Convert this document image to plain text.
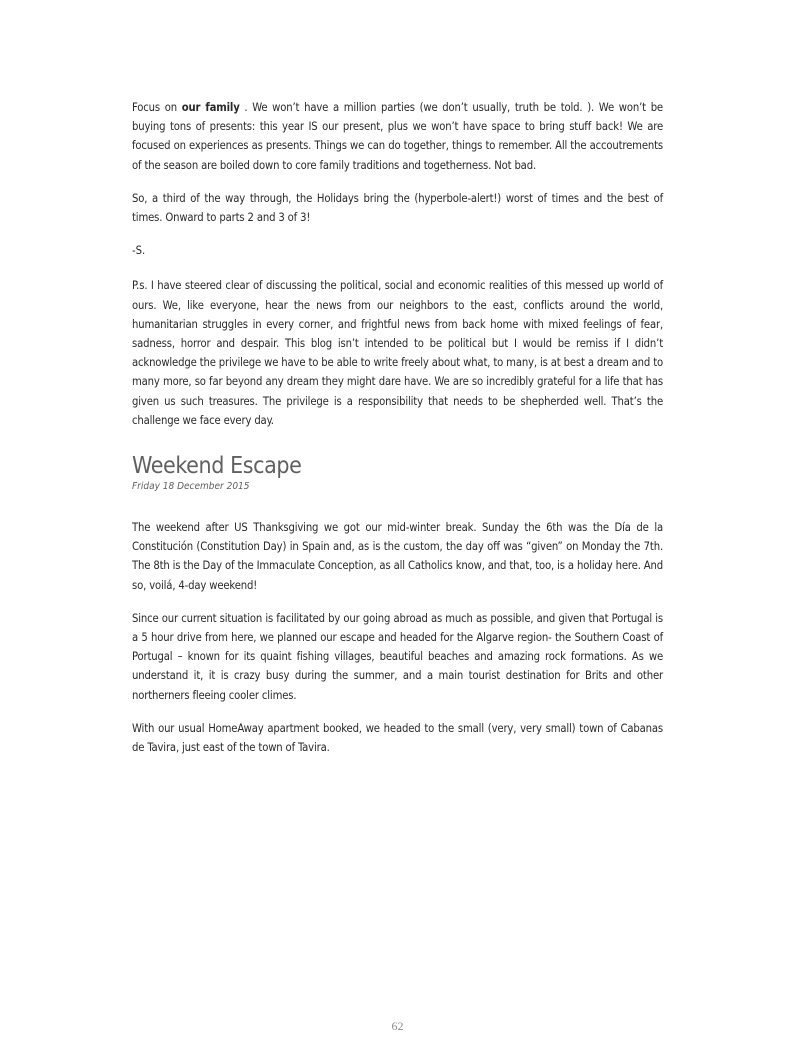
Focus on our family . We won’t have a million parties (we don’t usually, truth be told. ). We won’t be buying tons of presents: this year IS our present, plus we won’t have space to bring stuff back! We are focused on experiences as presents. Things we can do together, things to remember. All the accoutrements of the season are boiled down to core family traditions and togetherness. Not bad.

So, a third of the way through, the Holidays bring the (hyperbole-alert!) worst of times and the best of times. Onward to parts 2 and 3 of 3!

-S.

P.s. I have steered clear of discussing the political, social and economic realities of this messed up world of ours. We, like everyone, hear the news from our neighbors to the east, conflicts around the world, humanitarian struggles in every corner, and frightful news from back home with mixed feelings of fear, sadness, horror and despair. This blog isn’t intended to be political but I would be remiss if I didn’t acknowledge the privilege we have to be able to write freely about what, to many, is at best a dream and to many more, so far beyond any dream they might dare have. We are so incredibly grateful for a life that has given us such treasures. The privilege is a responsibility that needs to be shepherded well. That’s the challenge we face every day.

Weekend Escape
Friday 18 December 2015

The weekend after US Thanksgiving we got our mid-winter break. Sunday the 6th was the Día de la Constitución (Constitution Day) in Spain and, as is the custom, the day off was “given” on Monday the 7th. The 8th is the Day of the Immaculate Conception, as all Catholics know, and that, too, is a holiday here. And so, voilá, 4-day weekend!

Since our current situation is facilitated by our going abroad as much as possible, and given that Portugal is a 5 hour drive from here, we planned our escape and headed for the Algarve region- the Southern Coast of Portugal – known for its quaint fishing villages, beautiful beaches and amazing rock formations. As we understand it, it is crazy busy during the summer, and a main tourist destination for Brits and other northerners fleeing cooler climes.

With our usual HomeAway apartment booked, we headed to the small (very, very small) town of Cabanas de Tavira, just east of the town of Tavira.

62
